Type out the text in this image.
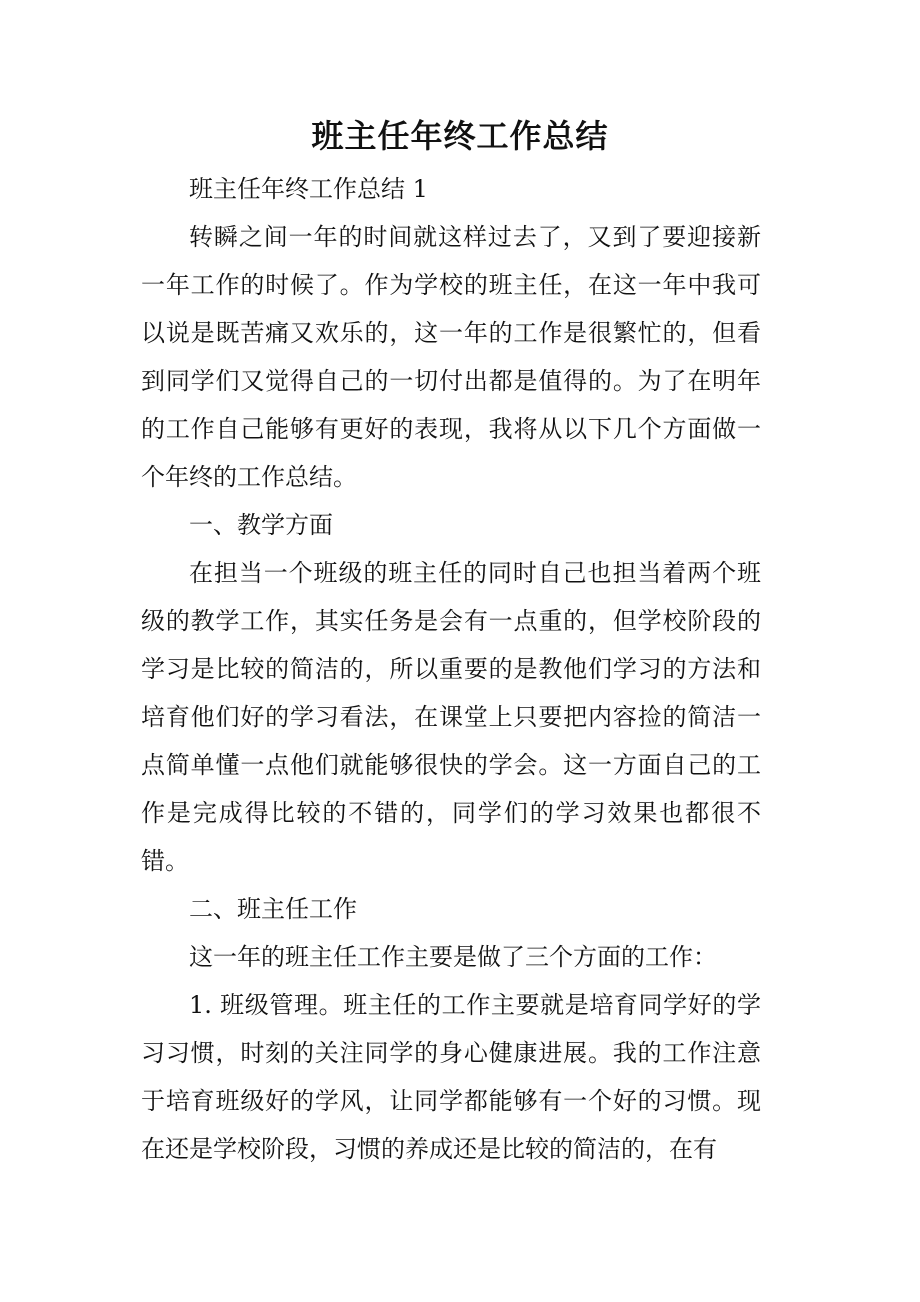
班主任年终工作总结

班主任年终工作总结 1

转瞬之间一年的时间就这样过去了，又到了要迎接新一年工作的时候了。作为学校的班主任，在这一年中我可以说是既苦痛又欢乐的，这一年的工作是很繁忙的，但看到同学们又觉得自己的一切付出都是值得的。为了在明年的工作自己能够有更好的表现，我将从以下几个方面做一个年终的工作总结。

一、教学方面

在担当一个班级的班主任的同时自己也担当着两个班级的教学工作，其实任务是会有一点重的，但学校阶段的学习是比较的简洁的，所以重要的是教他们学习的方法和培育他们好的学习看法，在课堂上只要把内容捡的简洁一点简单懂一点他们就能够很快的学会。这一方面自己的工作是完成得比较的不错的，同学们的学习效果也都很不错。

二、班主任工作

这一年的班主任工作主要是做了三个方面的工作：

1. 班级管理。班主任的工作主要就是培育同学好的学习习惯，时刻的关注同学的身心健康进展。我的工作注意于培育班级好的学风，让同学都能够有一个好的习惯。现在还是学校阶段，习惯的养成还是比较的简洁的，在有
